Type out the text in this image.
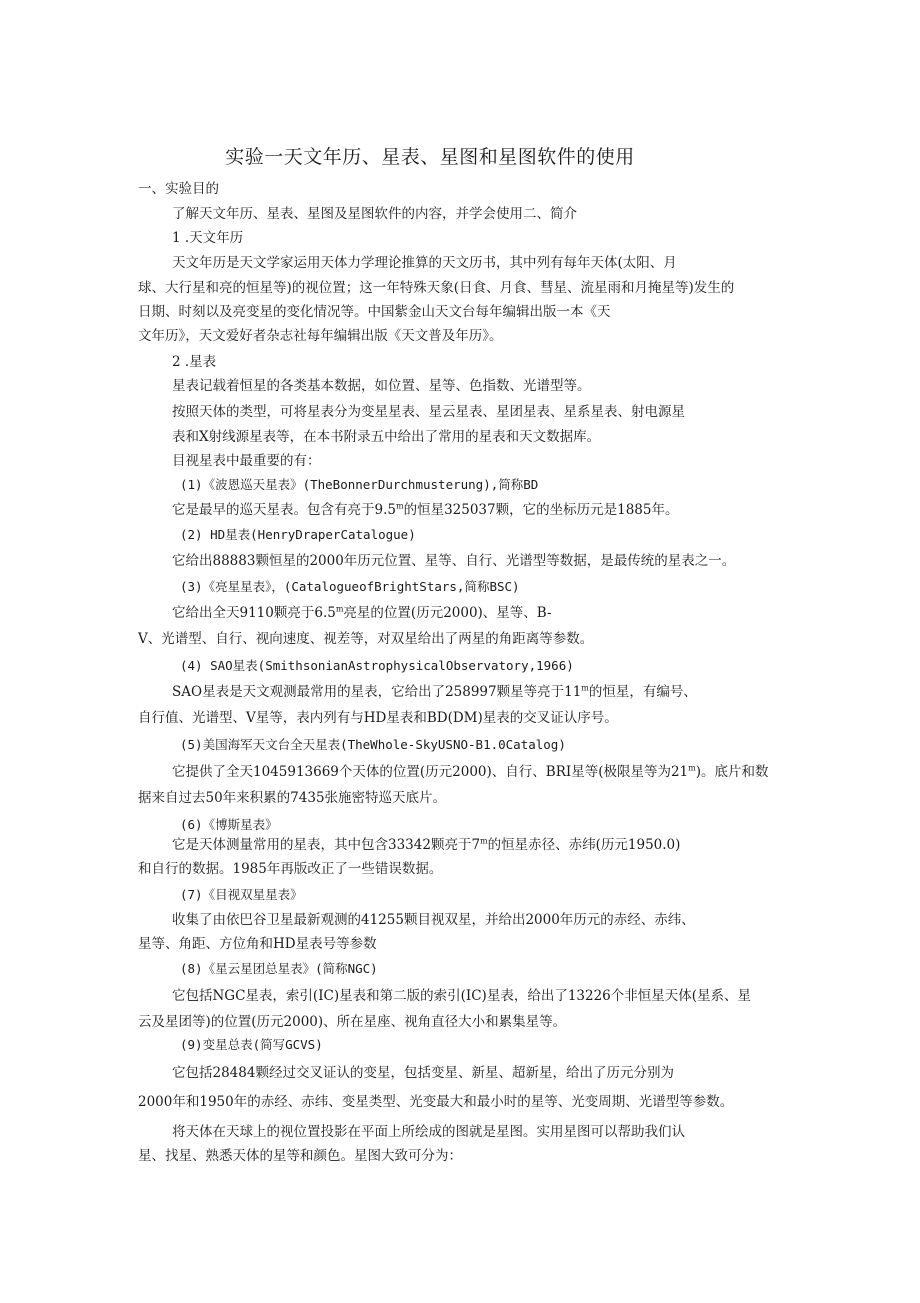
实验一天文年历、星表、星图和星图软件的使用
一、实验目的
了解天文年历、星表、星图及星图软件的内容，并学会使用二、简介
1 .天文年历
天文年历是天文学家运用天体力学理论推算的天文历书，其中列有每年天体(太阳、月
球、大行星和亮的恒星等)的视位置；这一年特殊天象(日食、月食、彗星、流星雨和月掩星等)发生的
日期、时刻以及亮变星的变化情况等。中国紫金山天文台每年编辑出版一本《天
文年历》，天文爱好者杂志社每年编辑出版《天文普及年历》。
2 .星表
星表记载着恒星的各类基本数据，如位置、星等、色指数、光谱型等。
按照天体的类型，可将星表分为变星星表、星云星表、星团星表、星系星表、射电源星
表和X射线源星表等，在本书附录五中给出了常用的星表和天文数据库。
目视星表中最重要的有：
(1)《波恩巡天星表》(TheBonnerDurchmusterung),简称BD
它是最早的巡天星表。包含有亮于9.5$^m$的恒星325037颗，它的坐标历元是1885年。
(2) HD星表(HenryDraperCatalogue)
它给出88883颗恒星的2000年历元位置、星等、自行、光谱型等数据，是最传统的星表之一。
(3)《亮星星表》，(CatalogueofBrightStars,简称BSC)
它给出全天9110颗亮于6.5$^m$亮星的位置(历元2000)、星等、B-
V、光谱型、自行、视向速度、视差等，对双星给出了两星的角距离等参数。
(4) SAO星表(SmithsonianAstrophysicalObservatory,1966)
SAO星表是天文观测最常用的星表，它给出了258997颗星等亮于11$^m$的恒星，有编号、
自行值、光谱型、V星等，表内列有与HD星表和BD(DM)星表的交叉证认序号。
(5)美国海军天文台全天星表(TheWhole-SkyUSNO-B1.0Catalog)
它提供了全天1045913669个天体的位置(历元2000)、自行、BRI星等(极限星等为21$^m$)。底片和数
据来自过去50年来积累的7435张施密特巡天底片。
(6)《博斯星表》
它是天体测量常用的星表，其中包含33342颗亮于7$^m$的恒星赤径、赤纬(历元1950.0)
和自行的数据。1985年再版改正了一些错误数据。
(7)《目视双星星表》
收集了由依巴谷卫星最新观测的41255颗目视双星，并给出2000年历元的赤经、赤纬、
星等、角距、方位角和HD星表号等参数
(8)《星云星团总星表》(简称NGC)
它包括NGC星表，索引(IC)星表和第二版的索引(IC)星表，给出了13226个非恒星天体(星系、星
云及星团等)的位置(历元2000)、所在星座、视角直径大小和累集星等。
(9)变星总表(简写GCVS)
它包括28484颗经过交叉证认的变星，包括变星、新星、超新星，给出了历元分别为
2000年和1950年的赤经、赤纬、变星类型、光变最大和最小时的星等、光变周期、光谱型等参数。
将天体在天球上的视位置投影在平面上所绘成的图就是星图。实用星图可以帮助我们认
星、找星、熟悉天体的星等和颜色。星图大致可分为：
